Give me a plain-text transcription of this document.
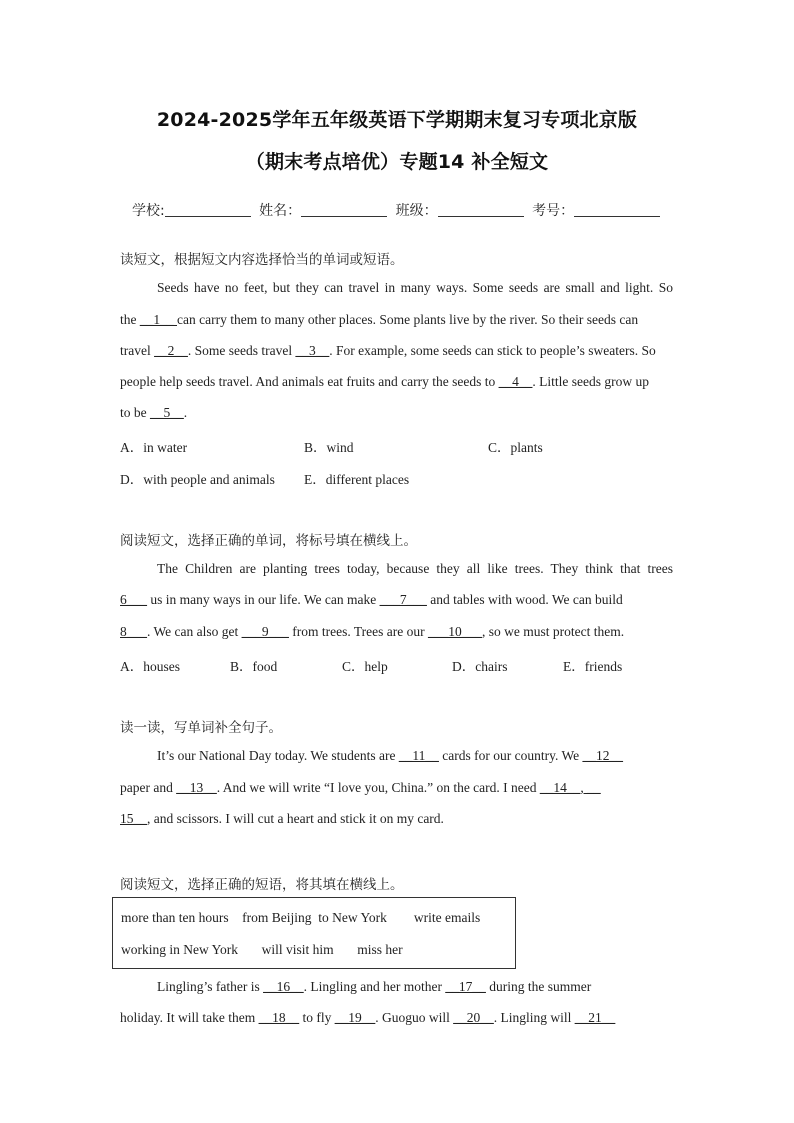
2024-2025学年五年级英语下学期期末复习专项北京版
（期末考点培优）专题14 补全短文
学校:	姓名：	班级：	考号：
读短文，根据短文内容选择恰当的单词或短语。
Seeds have no feet, but they can travel in many ways. Some seeds are small and light. So
the __1__ can carry them to many other places. Some plants live by the river. So their seeds can
travel __2__. Some seeds travel __3__. For example, some seeds can stick to people’s sweaters. So
people help seeds travel. And animals eat fruits and carry the seeds to __4__. Little seeds grow up
to be __5__.
A．in water	B．wind	C．plants
D．with people and animals E．different places
阅读短文，选择正确的单词，将标号填在横线上。
The Children are planting trees today, because they all like trees. They think that trees
6___ us in many ways in our life. We can make ___7___ and tables with wood. We can build
8___. We can also get ___9___ from trees. Trees are our ___10___, so we must protect them.
A．houses	B．food	C．help	D．chairs	E．friends
读一读，写单词补全句子。
It’s our National Day today. We students are __11__ cards for our country. We __12__
paper and __13__. And we will write “I love you, China.” on the card. I need __14__, __
15__, and scissors. I will cut a heart and stick it on my card.
阅读短文，选择正确的短语，将其填在横线上。
more than ten hours    from Beijing  to New York        write emails
working in New York       will visit him       miss her
Lingling’s father is __16__. Lingling and her mother __17__ during the summer
holiday. It will take them __18__ to fly __19__. Guoguo will __20__. Lingling will __21__
